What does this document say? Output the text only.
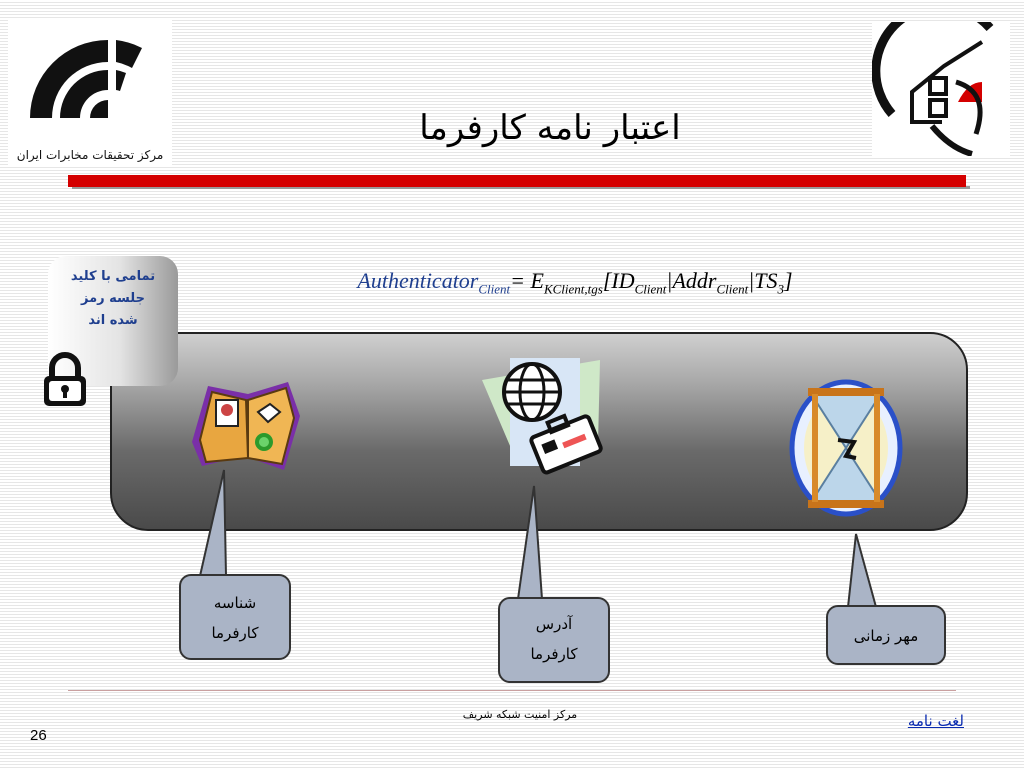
مرکز تحقیقات مخابرات ایران
اعتبار نامه کارفرما
Authenticator$_{Client}$= $E_{KClient,tgs}[ID_{Client}|Addr_{Client}|TS_3]$
تمامی با کلید
جلسه رمز
شده اند
شناسه
کارفرما	آدرس
کارفرما
مهر زمانی
مرکز امنیت شبکه شریف	لغت نامه
26
